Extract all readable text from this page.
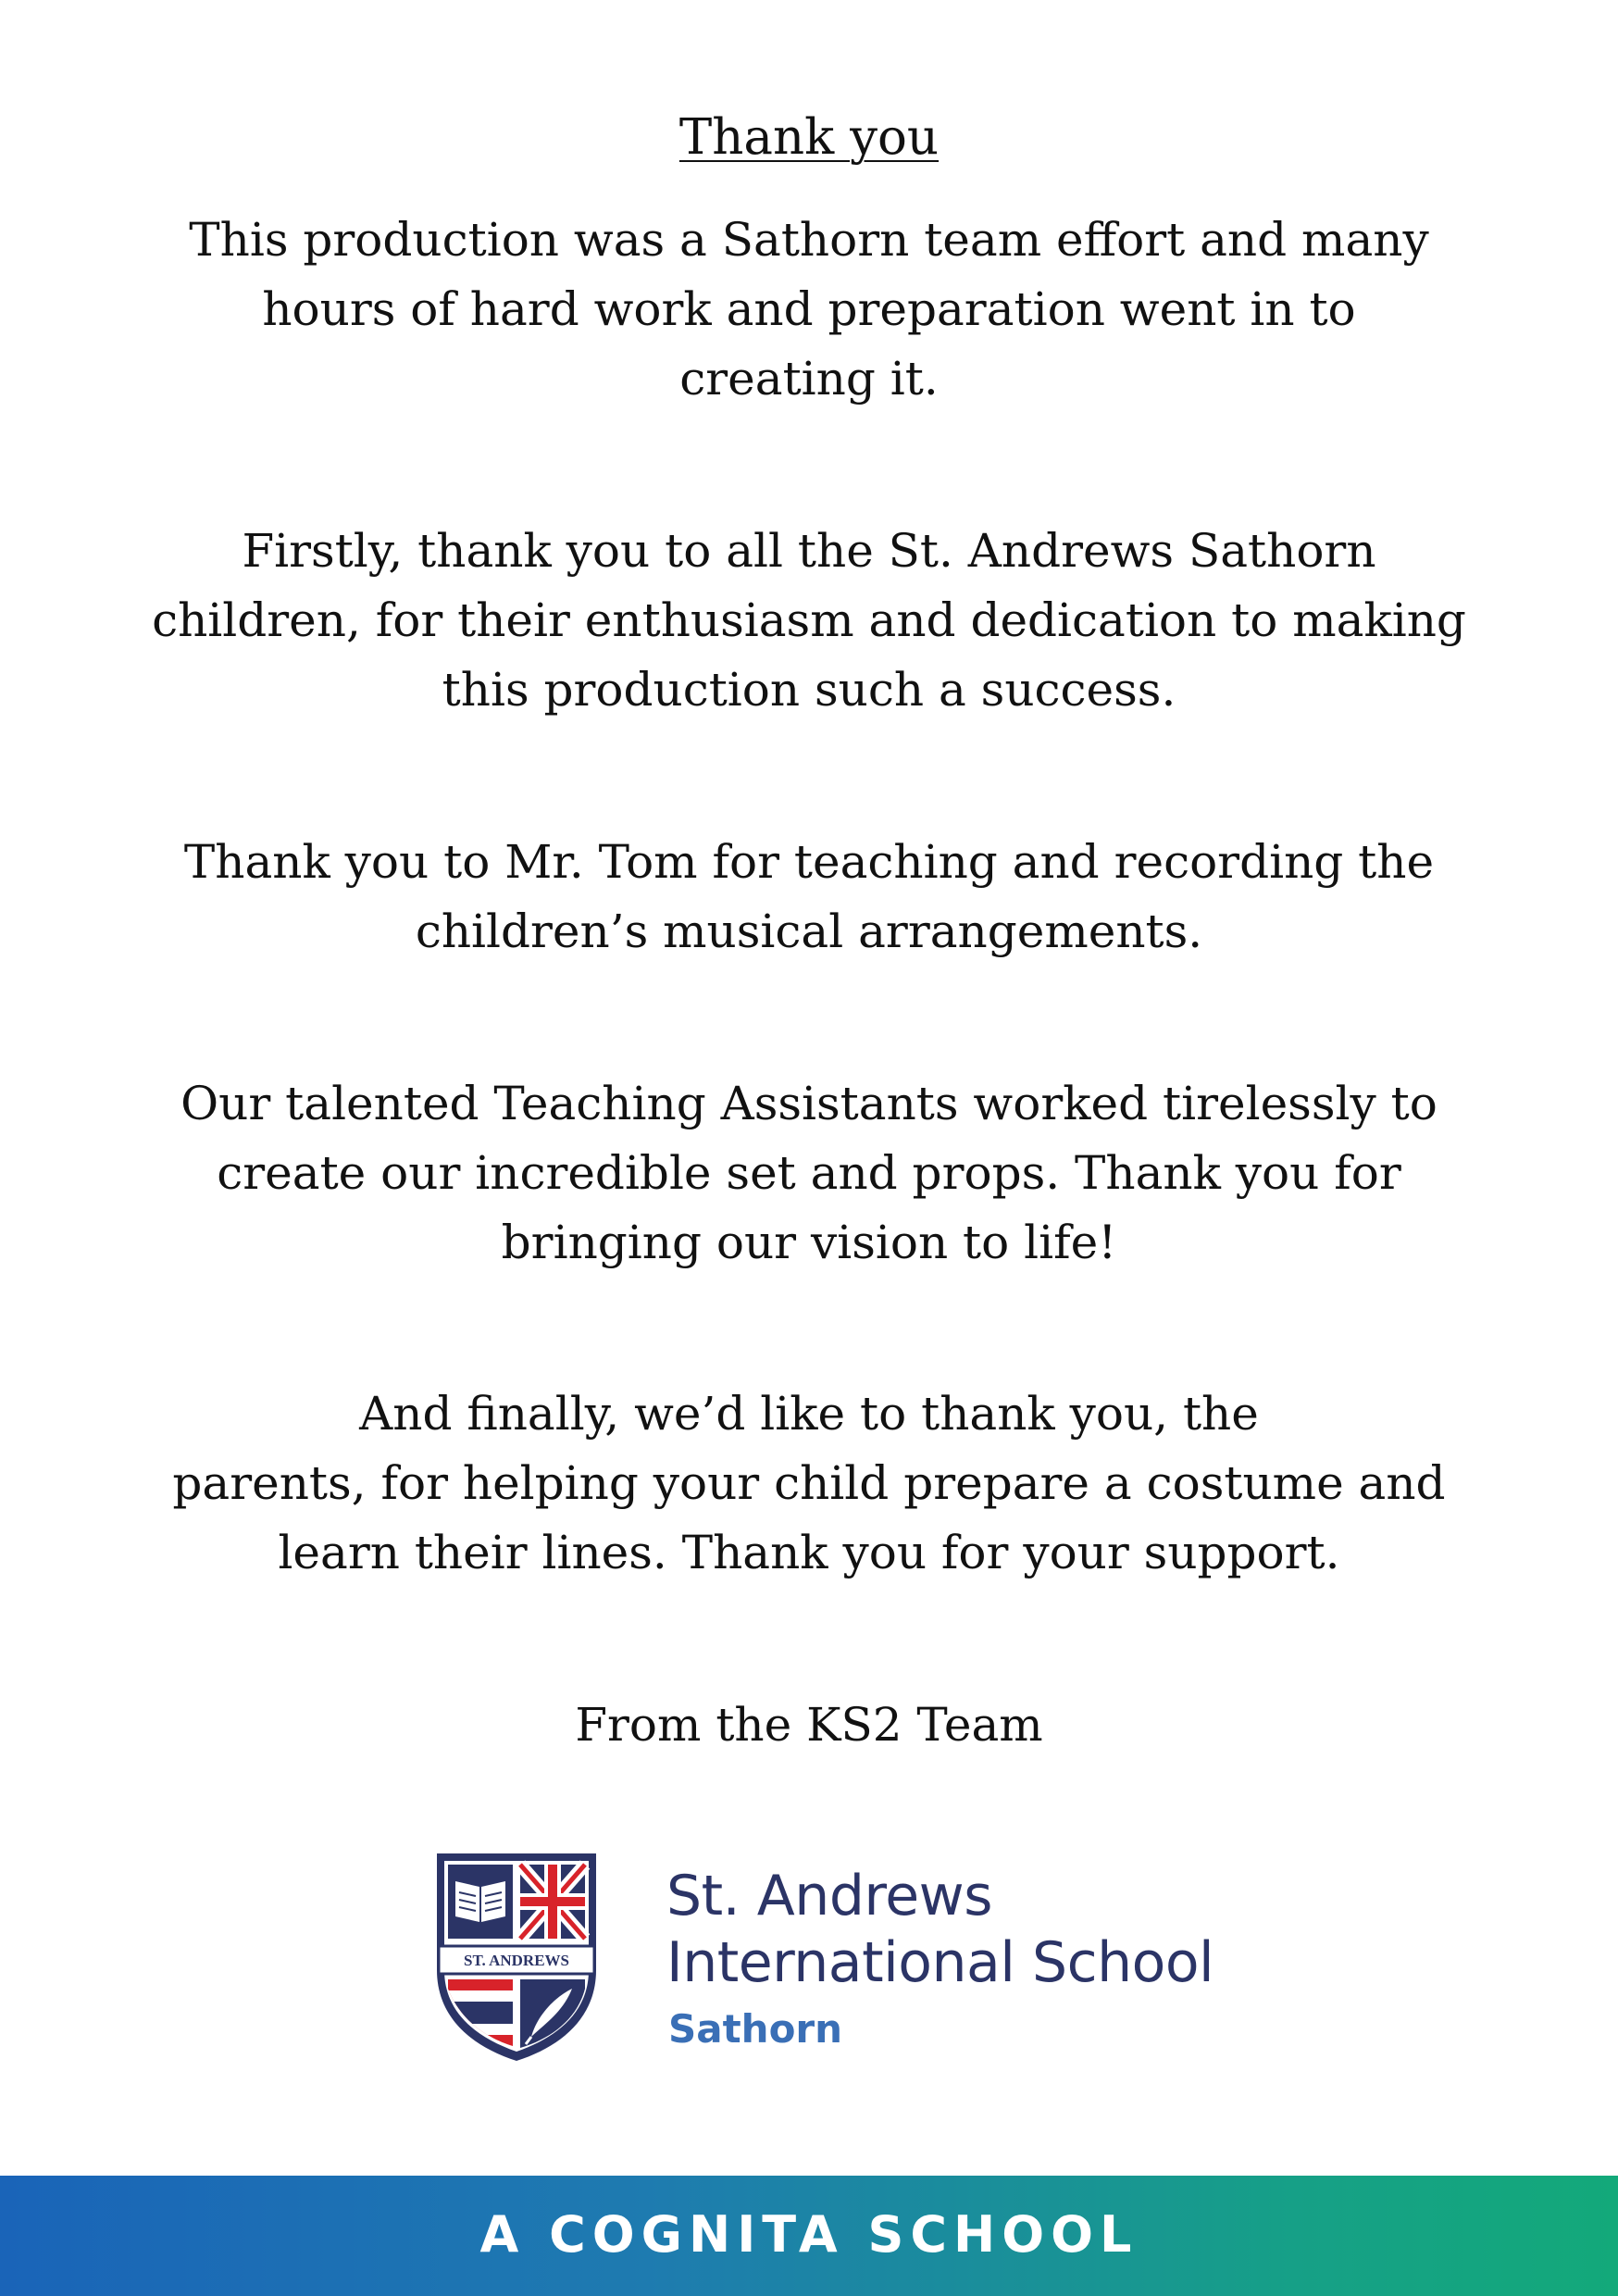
Thank you
This production was a Sathorn team effort and many
hours of hard work and preparation went in to
creating it.
Firstly, thank you to all the St. Andrews Sathorn
children, for their enthusiasm and dedication to making
this production such a success.
Thank you to Mr. Tom for teaching and recording the
children’s musical arrangements.
Our talented Teaching Assistants worked tirelessly to
create our incredible set and props. Thank you for
bringing our vision to life!
And finally, we’d like to thank you, the
parents, for helping your child prepare a costume and
learn their lines. Thank you for your support.
From the KS2 Team
ST. ANDREWS
St. Andrews
International School
Sathorn
A COGNITA SCHOOL
